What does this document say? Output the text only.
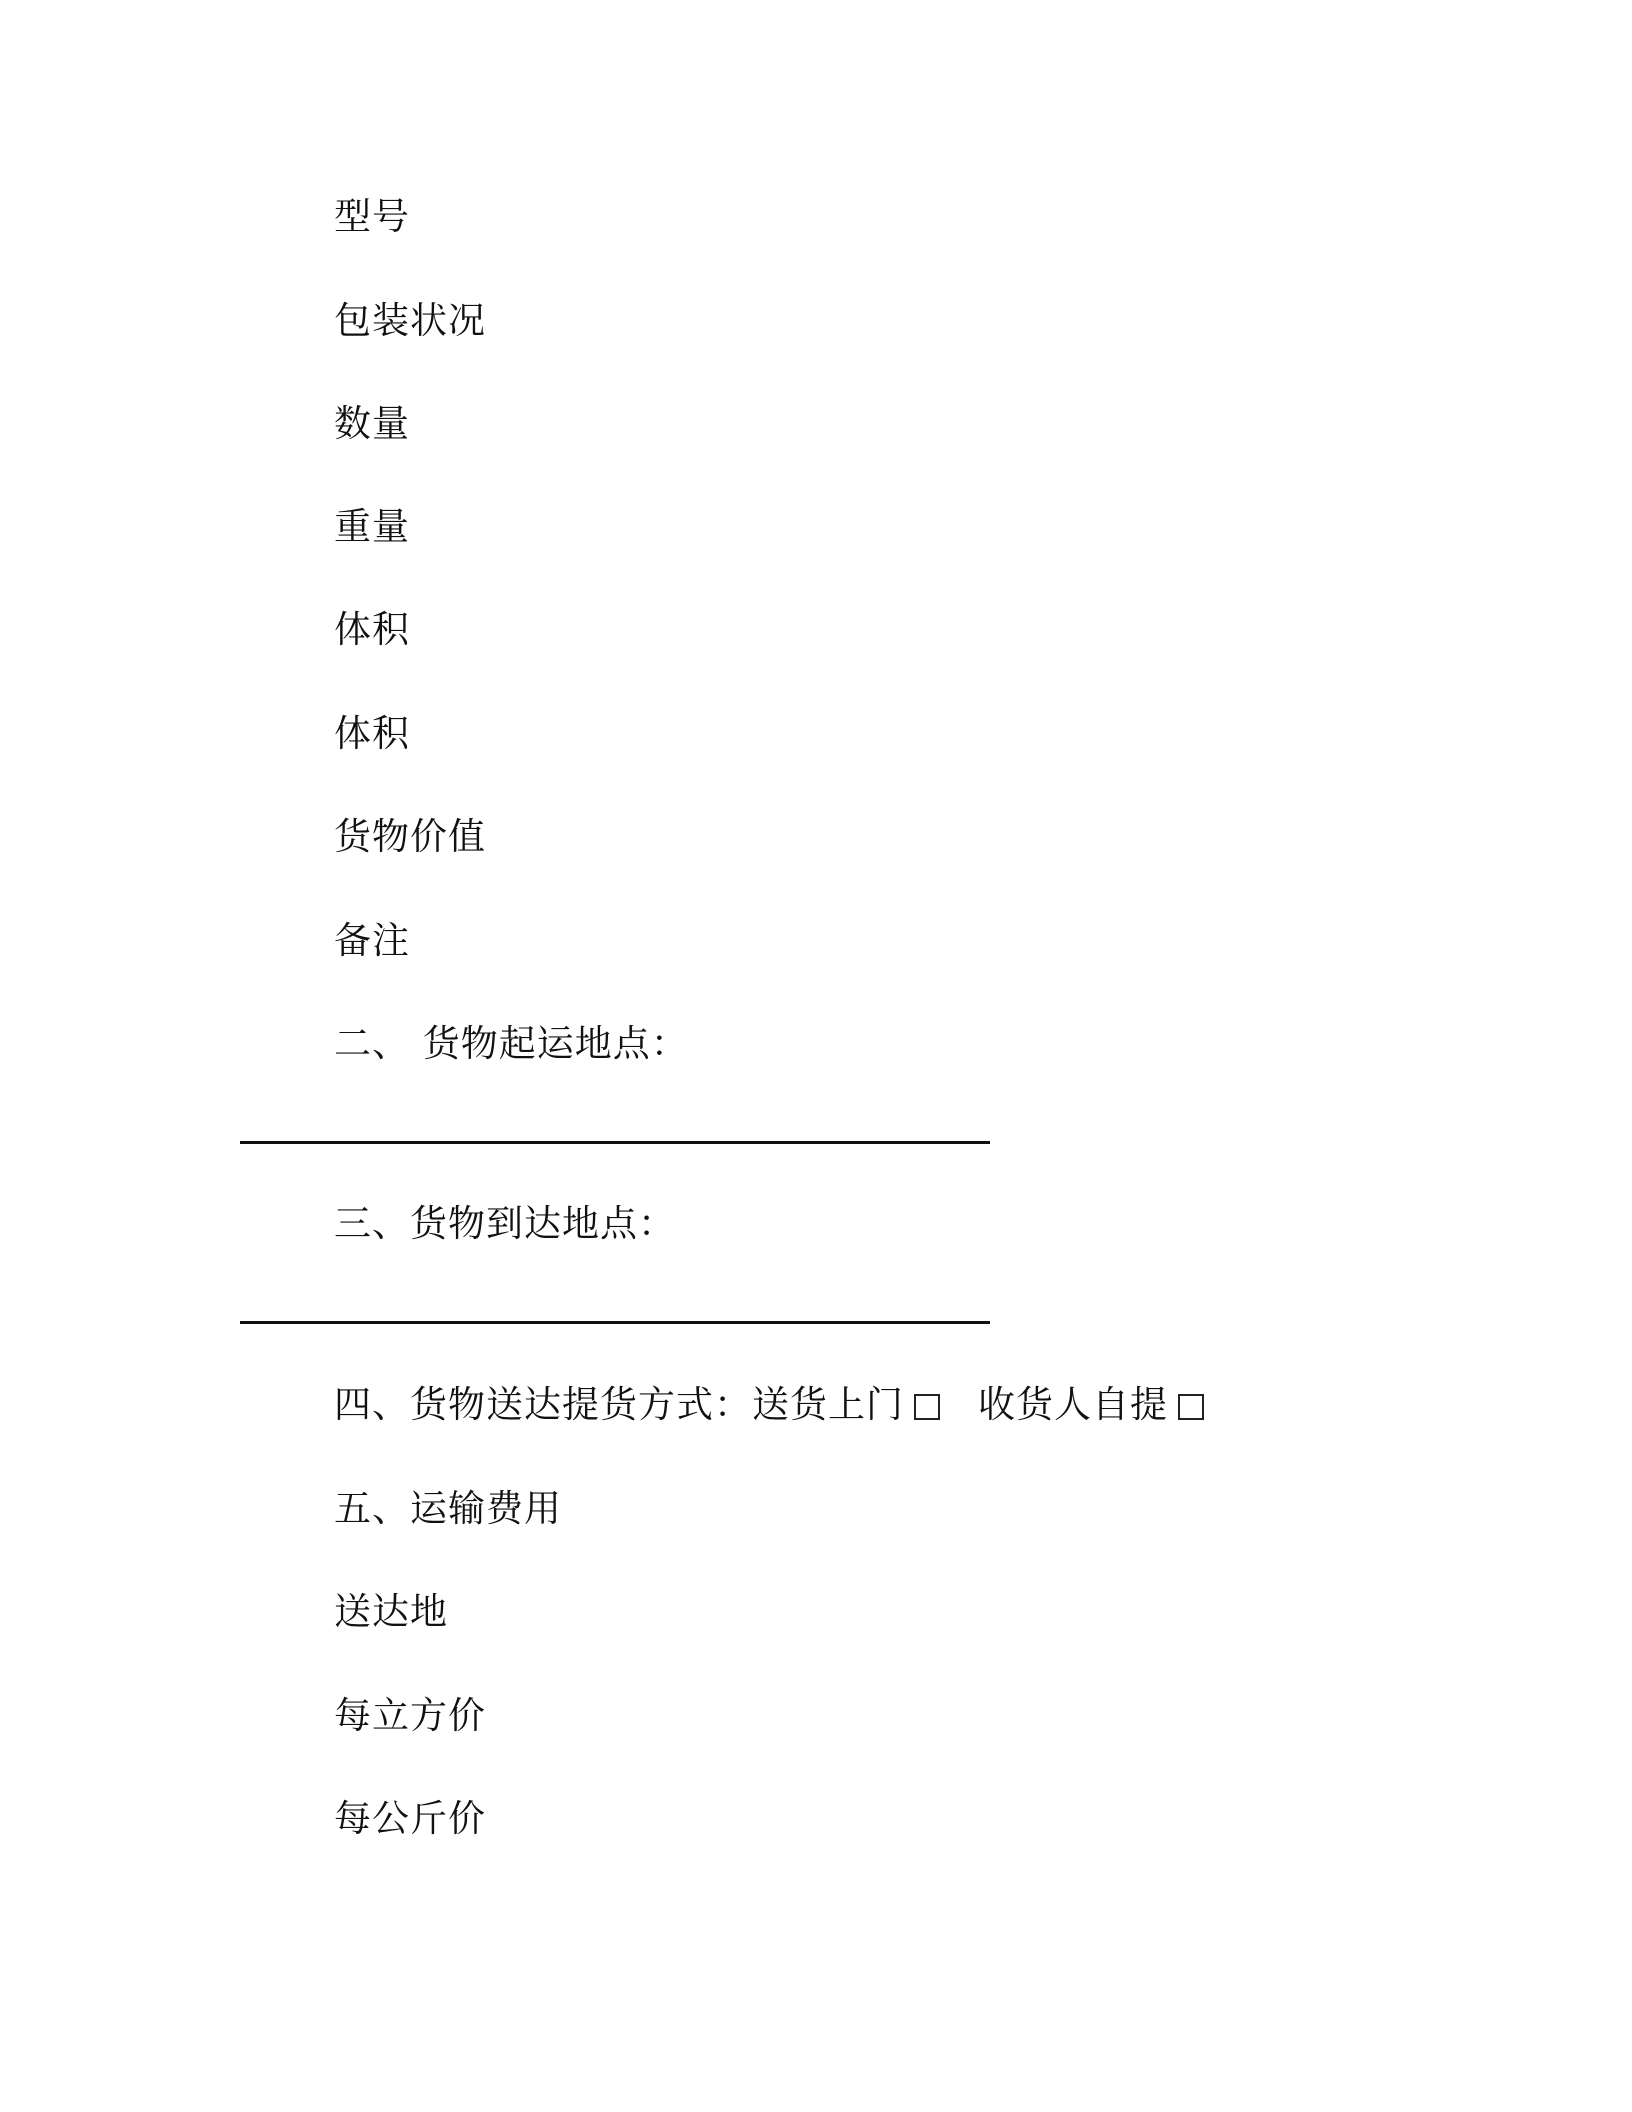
型号
包装状况
数量
重量
体积
体积
货物价值
备注
二、 货物起运地点：
三、货物到达地点：
四、货物送达提货方式：送货上门 收货人自提
五、运输费用
送达地
每立方价
每公斤价
